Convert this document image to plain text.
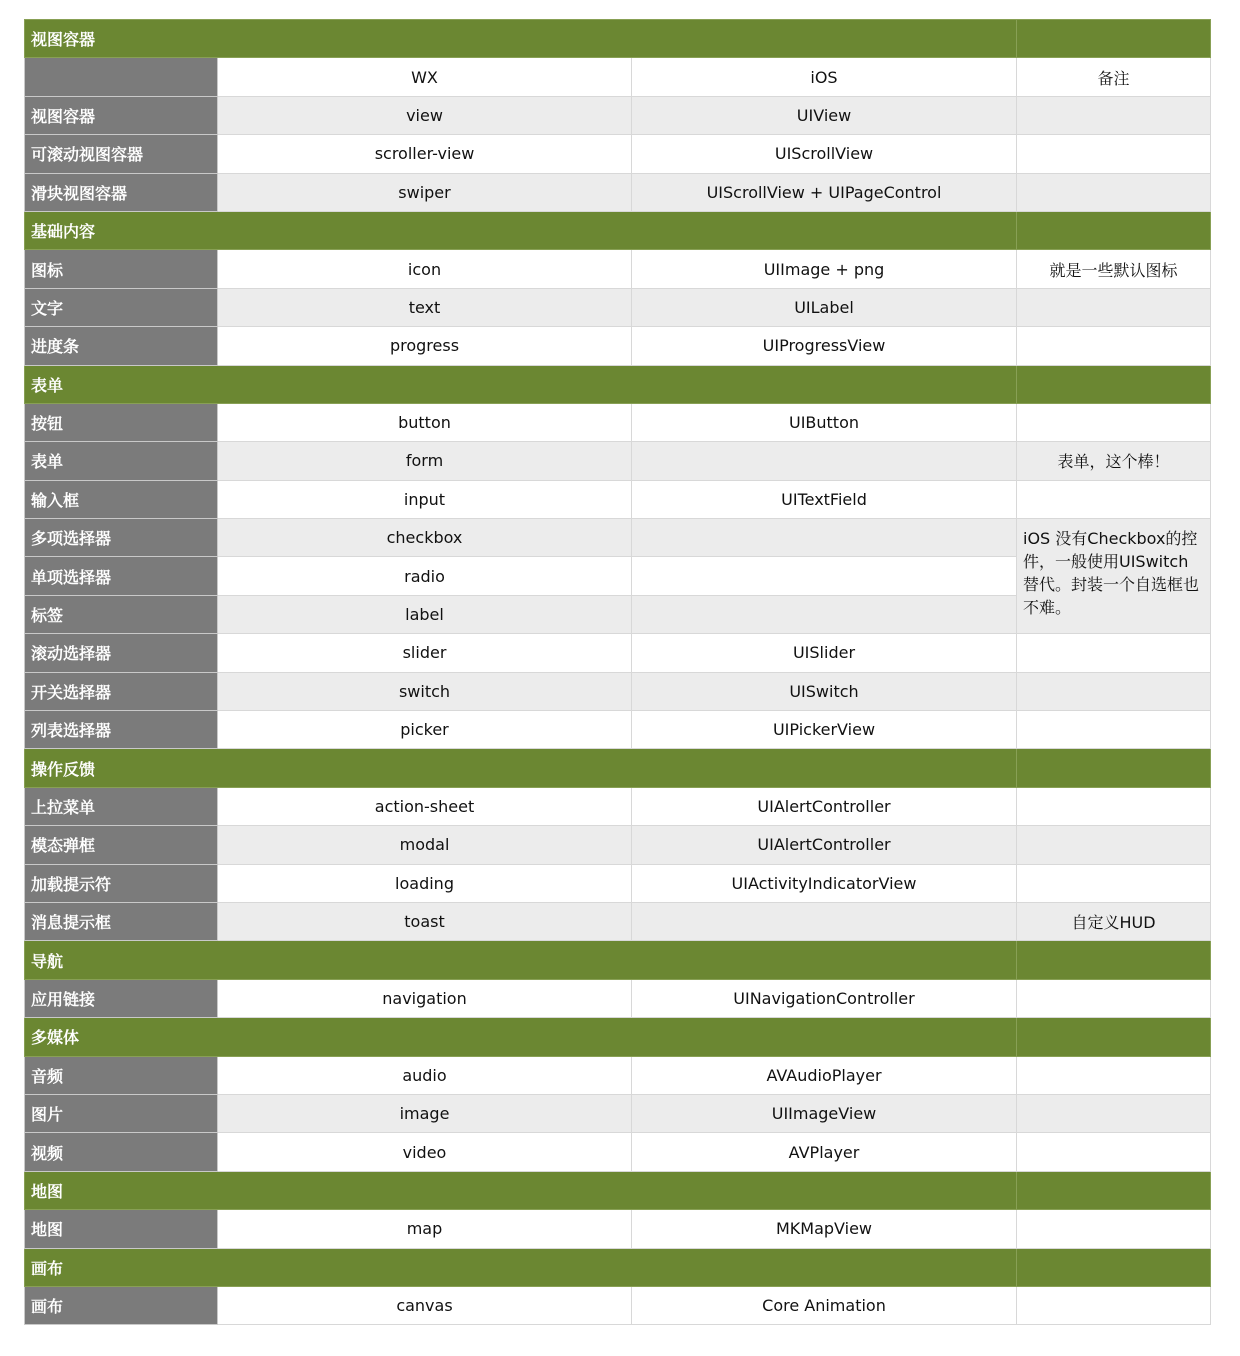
视图容器			
	WX	iOS	备注
视图容器	view	UIView	
可滚动视图容器	scroller-view	UIScrollView	
滑块视图容器	swiper	UIScrollView + UIPageControl	
基础内容			
图标	icon	UIImage + png	就是一些默认图标
文字	text	UILabel	
进度条	progress	UIProgressView	
表单			
按钮	button	UIButton	
表单	form		表单，这个棒！
输入框	input	UITextField	
多项选择器	checkbox		iOS 没有Checkbox的控件，一般使用UISwitch替代。封装一个自选框也不难。
单项选择器	radio		
标签	label		
滚动选择器	slider	UISlider	
开关选择器	switch	UISwitch	
列表选择器	picker	UIPickerView	
操作反馈			
上拉菜单	action-sheet	UIAlertController	
模态弹框	modal	UIAlertController	
加载提示符	loading	UIActivityIndicatorView	
消息提示框	toast		自定义HUD
导航			
应用链接	navigation	UINavigationController	
多媒体			
音频	audio	AVAudioPlayer	
图片	image	UIImageView	
视频	video	AVPlayer	
地图			
地图	map	MKMapView	
画布			
画布	canvas	Core Animation	
